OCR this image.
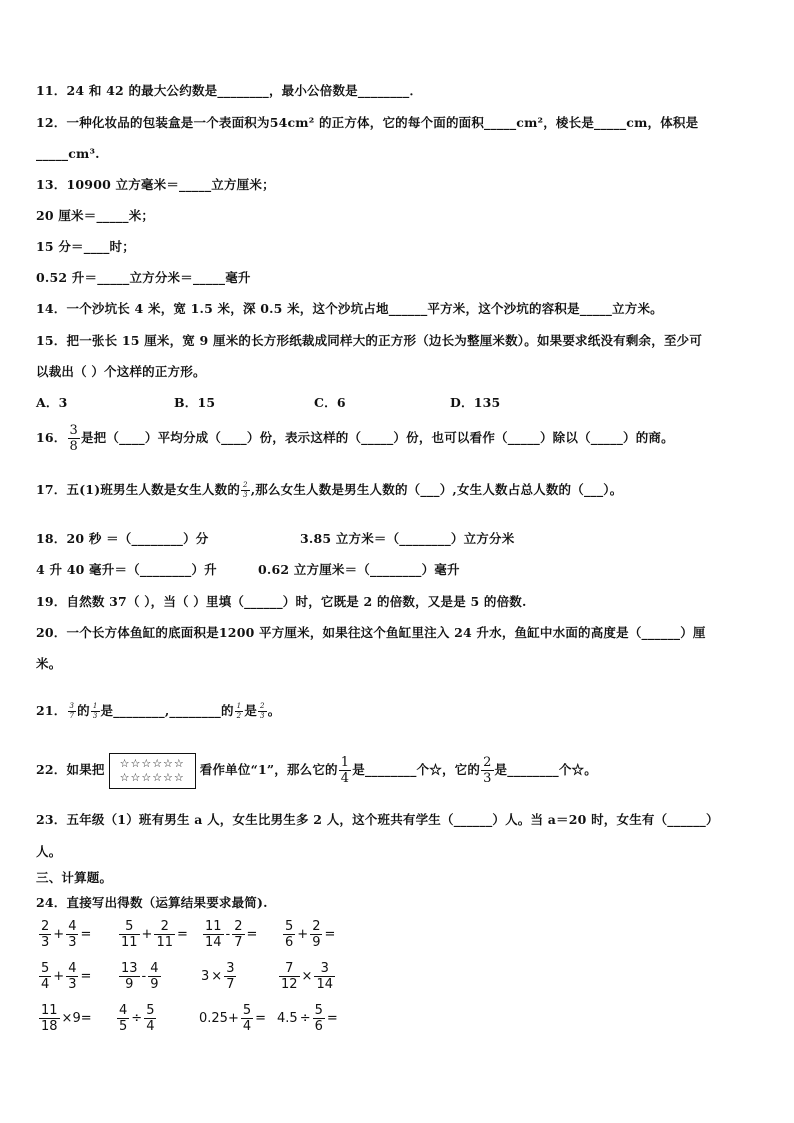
11．24 和 42 的最大公约数是________，最小公倍数是________．
12．一种化妆品的包装盒是一个表面积为54cm² 的正方体，它的每个面的面积_____cm²，棱长是_____cm，体积是
_____cm³.
13．10900 立方毫米＝_____立方厘米；
20 厘米＝_____米；
15 分＝____时；
0.52 升＝_____立方分米＝_____毫升
14．一个沙坑长 4 米，宽 1.5 米，深 0.5 米，这个沙坑占地______平方米，这个沙坑的容积是_____立方米。
15．把一张长 15 厘米，宽 9 厘米的长方形纸裁成同样大的正方形（边长为整厘米数）。如果要求纸没有剩余，至少可
以裁出（ ）个这样的正方形。
A．3	B．15	C．6	D．135
16． $\frac{3}{8}$ 是把（____）平均分成（____）份，表示这样的（_____）份，也可以看作（_____）除以（_____）的商。
17．五(1)班男生人数是女生人数的 $\frac{2}{3}$ ,那么女生人数是男生人数的（___）,女生人数占总人数的（___）。
18．20 秒 ＝（________）分	3.85 立方米＝（________）立方分米
4 升 40 毫升＝（________）升	0.62 立方厘米＝（________）毫升
19．自然数 37（ ），当（ ）里填（______）时，它既是 2 的倍数，又是是 5 的倍数.
20．一个长方体鱼缸的底面积是1200 平方厘米，如果往这个鱼缸里注入 24 升水，鱼缸中水面的高度是（______）厘
米。
21． $\frac{3}{7}$ 的 $\frac{1}{3}$ 是________,________的 $\frac{1}{2}$ 是 $\frac{2}{3}$ 。
22．如果把 ☆☆☆☆☆☆
☆☆☆☆☆☆ 看作单位“1”，那么它的 $\frac{1}{4}$ 是________个☆，它的 $\frac{2}{3}$ 是________个☆。
23．五年级（1）班有男生 a 人，女生比男生多 2 人，这个班共有学生（______）人。当 a＝20 时，女生有（______）
人。
三、计算题。
24．直接写出得数（运算结果要求最简).
$\frac{2}{3} + \frac{4}{3} = \frac{5}{11} + \frac{2}{11} = \frac{11}{14} - \frac{2}{7} = \frac{5}{6} + \frac{2}{9}$ =
$\frac{5}{4} + \frac{4}{3} = \frac{13}{9} - \frac{4}{9}$	$3 \times \frac{3}{7}$	$\frac{7}{12} \times \frac{3}{14}$
$\frac{11}{18} \times 9= \frac{4}{5} \div \frac{5}{4}$	$0.25+ \frac{5}{4} = 4.5 \div \frac{5}{6}$ =
